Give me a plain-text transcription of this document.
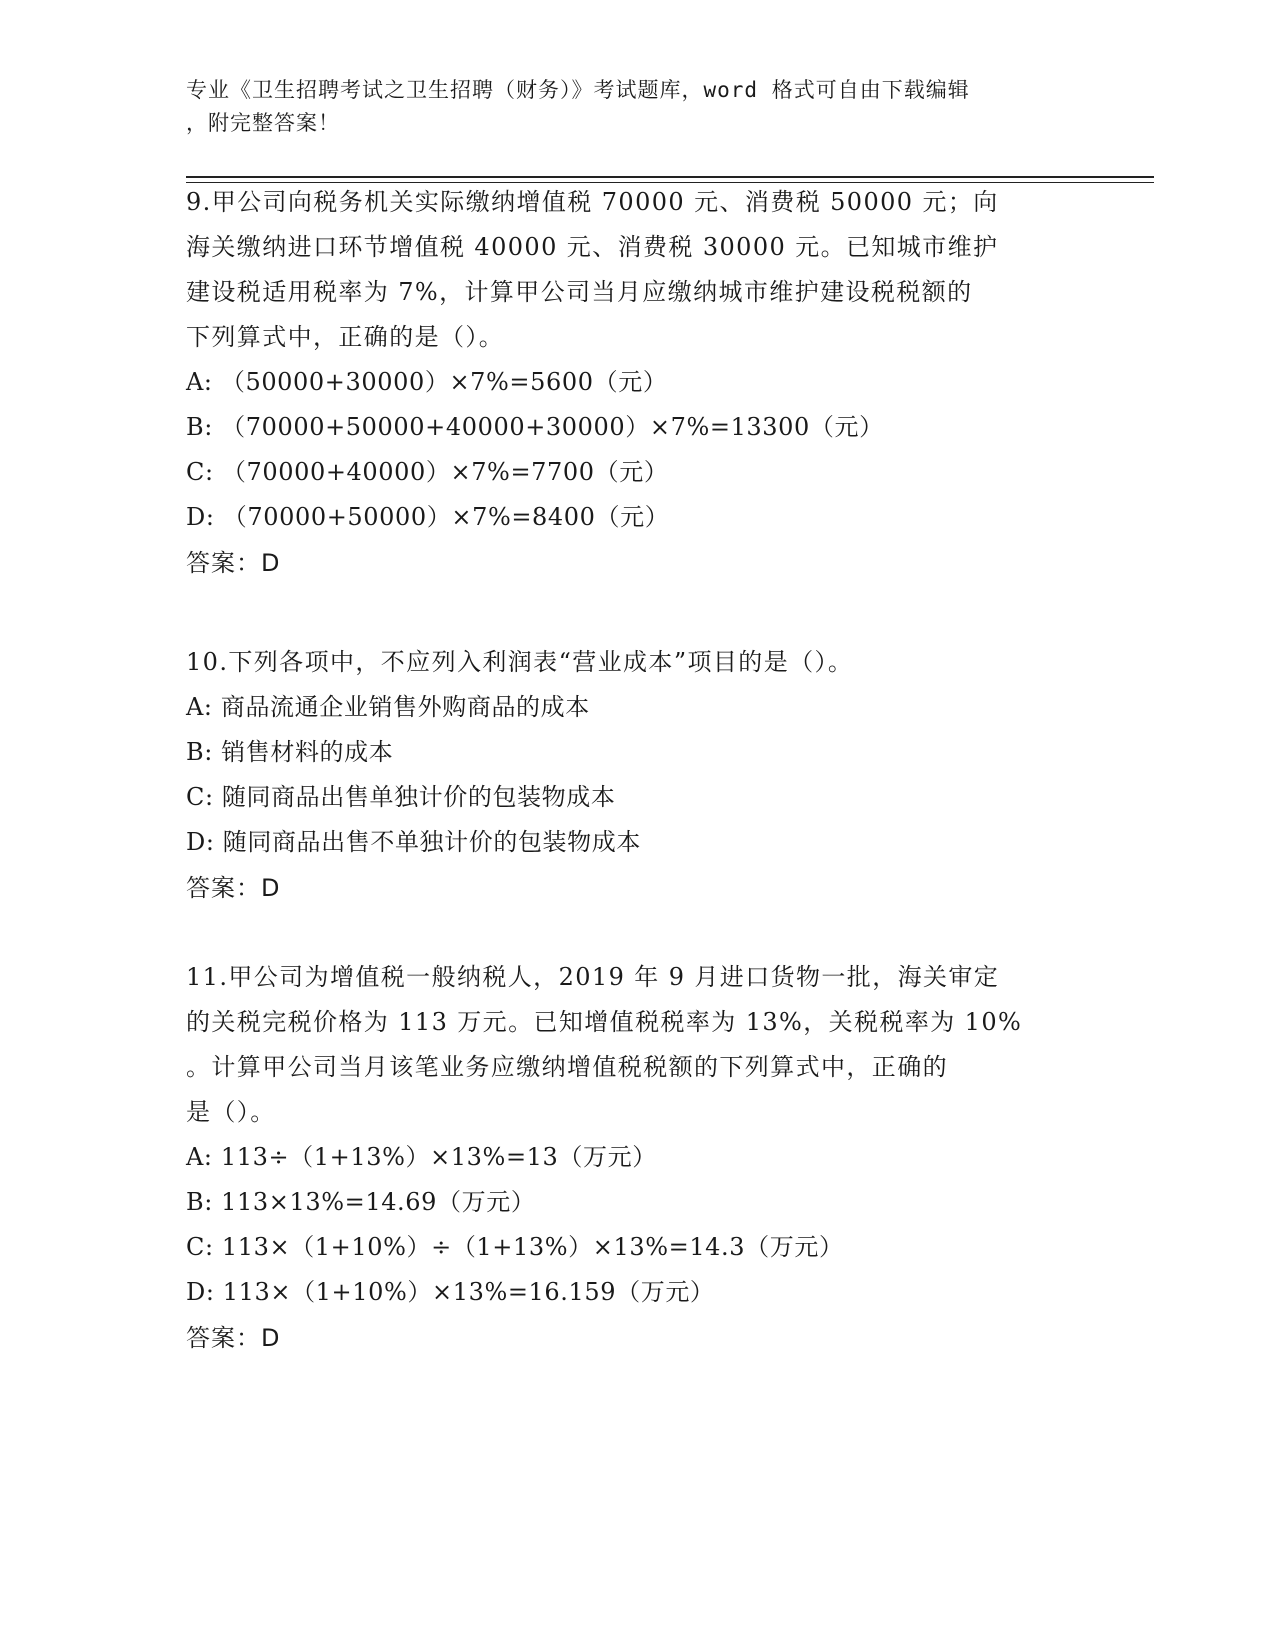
专业《卫生招聘考试之卫生招聘（财务）》考试题库，word 格式可自由下载编辑
，附完整答案！
9.甲公司向税务机关实际缴纳增值税 70000 元、消费税 50000 元；向
海关缴纳进口环节增值税 40000 元、消费税 30000 元。已知城市维护
建设税适用税率为 7%，计算甲公司当月应缴纳城市维护建设税税额的
下列算式中，正确的是（）。
A: （50000+30000）×7%=5600（元）
B: （70000+50000+40000+30000）×7%=13300（元）
C: （70000+40000）×7%=7700（元）
D: （70000+50000）×7%=8400（元）
答案：D
10.下列各项中，不应列入利润表“营业成本”项目的是（）。
A: 商品流通企业销售外购商品的成本
B: 销售材料的成本
C: 随同商品出售单独计价的包装物成本
D: 随同商品出售不单独计价的包装物成本
答案：D
11.甲公司为增值税一般纳税人，2019 年 9 月进口货物一批，海关审定
的关税完税价格为 113 万元。已知增值税税率为 13%，关税税率为 10%
。计算甲公司当月该笔业务应缴纳增值税税额的下列算式中，正确的
是（）。
A: 113÷（1+13%）×13%=13（万元）
B: 113×13%=14.69（万元）
C: 113×（1+10%）÷（1+13%）×13%=14.3（万元）
D: 113×（1+10%）×13%=16.159（万元）
答案：D
